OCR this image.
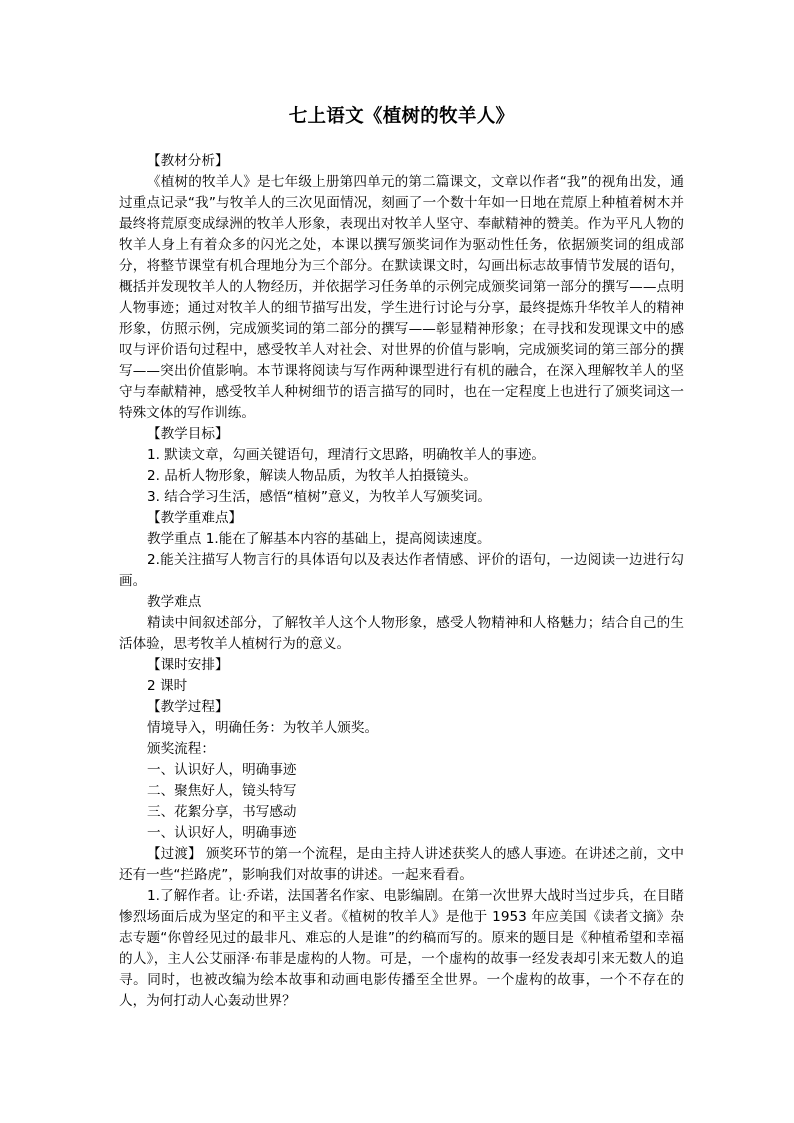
七上语文《植树的牧羊人》

【教材分析】

《植树的牧羊人》是七年级上册第四单元的第二篇课文，文章以作者“我”的视角出发，通过重点记录“我”与牧羊人的三次见面情况，刻画了一个数十年如一日地在荒原上种植着树木并最终将荒原变成绿洲的牧羊人形象，表现出对牧羊人坚守、奉献精神的赞美。作为平凡人物的牧羊人身上有着众多的闪光之处，本课以撰写颁奖词作为驱动性任务，依据颁奖词的组成部分，将整节课堂有机合理地分为三个部分。在默读课文时，勾画出标志故事情节发展的语句，概括并发现牧羊人的人物经历，并依据学习任务单的示例完成颁奖词第一部分的撰写——点明人物事迹；通过对牧羊人的细节描写出发，学生进行讨论与分享，最终提炼升华牧羊人的精神形象，仿照示例，完成颁奖词的第二部分的撰写——彰显精神形象；在寻找和发现课文中的感叹与评价语句过程中，感受牧羊人对社会、对世界的价值与影响，完成颁奖词的第三部分的撰写——突出价值影响。本节课将阅读与写作两种课型进行有机的融合，在深入理解牧羊人的坚守与奉献精神，感受牧羊人种树细节的语言描写的同时，也在一定程度上也进行了颁奖词这一特殊文体的写作训练。

【教学目标】

1. 默读文章，勾画关键语句，理清行文思路，明确牧羊人的事迹。

2. 品析人物形象，解读人物品质，为牧羊人拍摄镜头。

3. 结合学习生活，感悟“植树”意义，为牧羊人写颁奖词。

【教学重难点】

教学重点 1.能在了解基本内容的基础上，提高阅读速度。

2.能关注描写人物言行的具体语句以及表达作者情感、评价的语句，一边阅读一边进行勾画。

教学难点

精读中间叙述部分，了解牧羊人这个人物形象，感受人物精神和人格魅力；结合自己的生活体验，思考牧羊人植树行为的意义。

【课时安排】

2 课时

【教学过程】

情境导入，明确任务：为牧羊人颁奖。

颁奖流程：

一、认识好人，明确事迹

二、聚焦好人，镜头特写

三、花絮分享，书写感动

一、认识好人，明确事迹

【过渡】 颁奖环节的第一个流程，是由主持人讲述获奖人的感人事迹。在讲述之前，文中还有一些“拦路虎”，影响我们对故事的讲述。一起来看看。

1.了解作者。让·乔诺，法国著名作家、电影编剧。在第一次世界大战时当过步兵，在目睹惨烈场面后成为坚定的和平主义者。《植树的牧羊人》是他于 1953 年应美国《读者文摘》杂志专题“你曾经见过的最非凡、难忘的人是谁”的约稿而写的。原来的题目是《种植希望和幸福的人》，主人公艾丽泽·布菲是虚构的人物。可是，一个虚构的故事一经发表却引来无数人的追寻。同时，也被改编为绘本故事和动画电影传播至全世界。一个虚构的故事，一个不存在的人，为何打动人心轰动世界？
